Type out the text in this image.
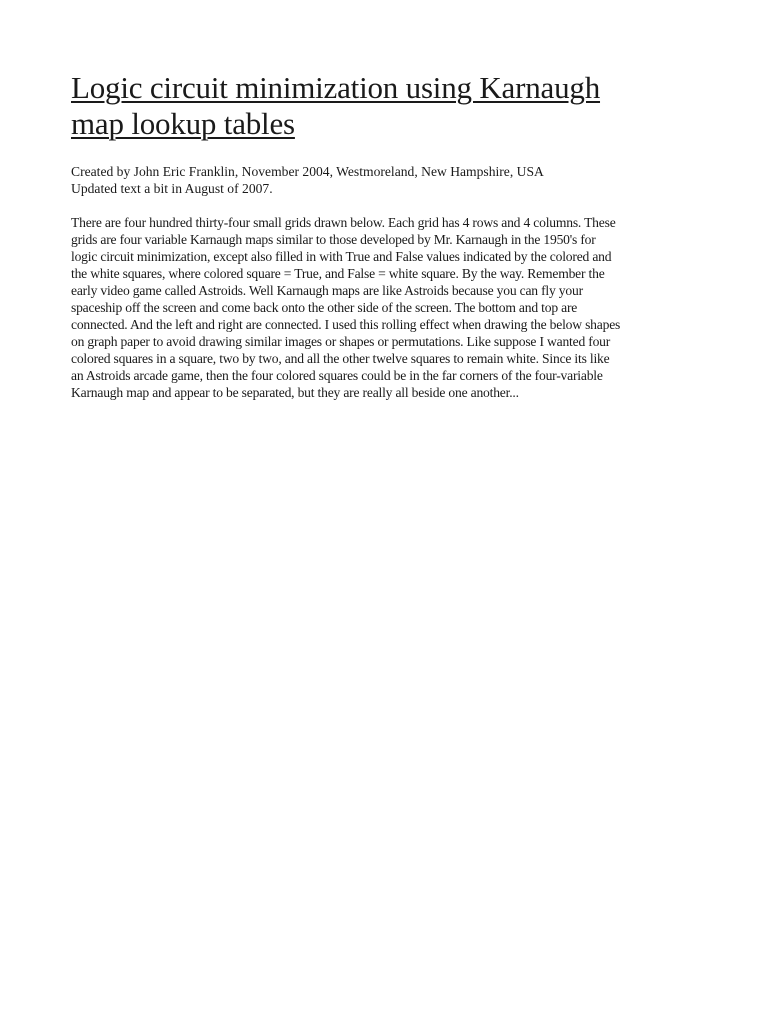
Logic circuit minimization using Karnaugh
map lookup tables
Created by John Eric Franklin, November 2004, Westmoreland, New Hampshire, USA
Updated text a bit in August of 2007.
There are four hundred thirty-four small grids drawn below. Each grid has 4 rows and 4 columns. These
grids are four variable Karnaugh maps similar to those developed by Mr. Karnaugh in the 1950's for
logic circuit minimization, except also filled in with True and False values indicated by the colored and
the white squares, where colored square = True, and False = white square. By the way. Remember the
early video game called Astroids. Well Karnaugh maps are like Astroids because you can fly your
spaceship off the screen and come back onto the other side of the screen. The bottom and top are
connected. And the left and right are connected. I used this rolling effect when drawing the below shapes
on graph paper to avoid drawing similar images or shapes or permutations. Like suppose I wanted four
colored squares in a square, two by two, and all the other twelve squares to remain white. Since its like
an Astroids arcade game, then the four colored squares could be in the far corners of the four-variable
Karnaugh map and appear to be separated, but they are really all beside one another...
